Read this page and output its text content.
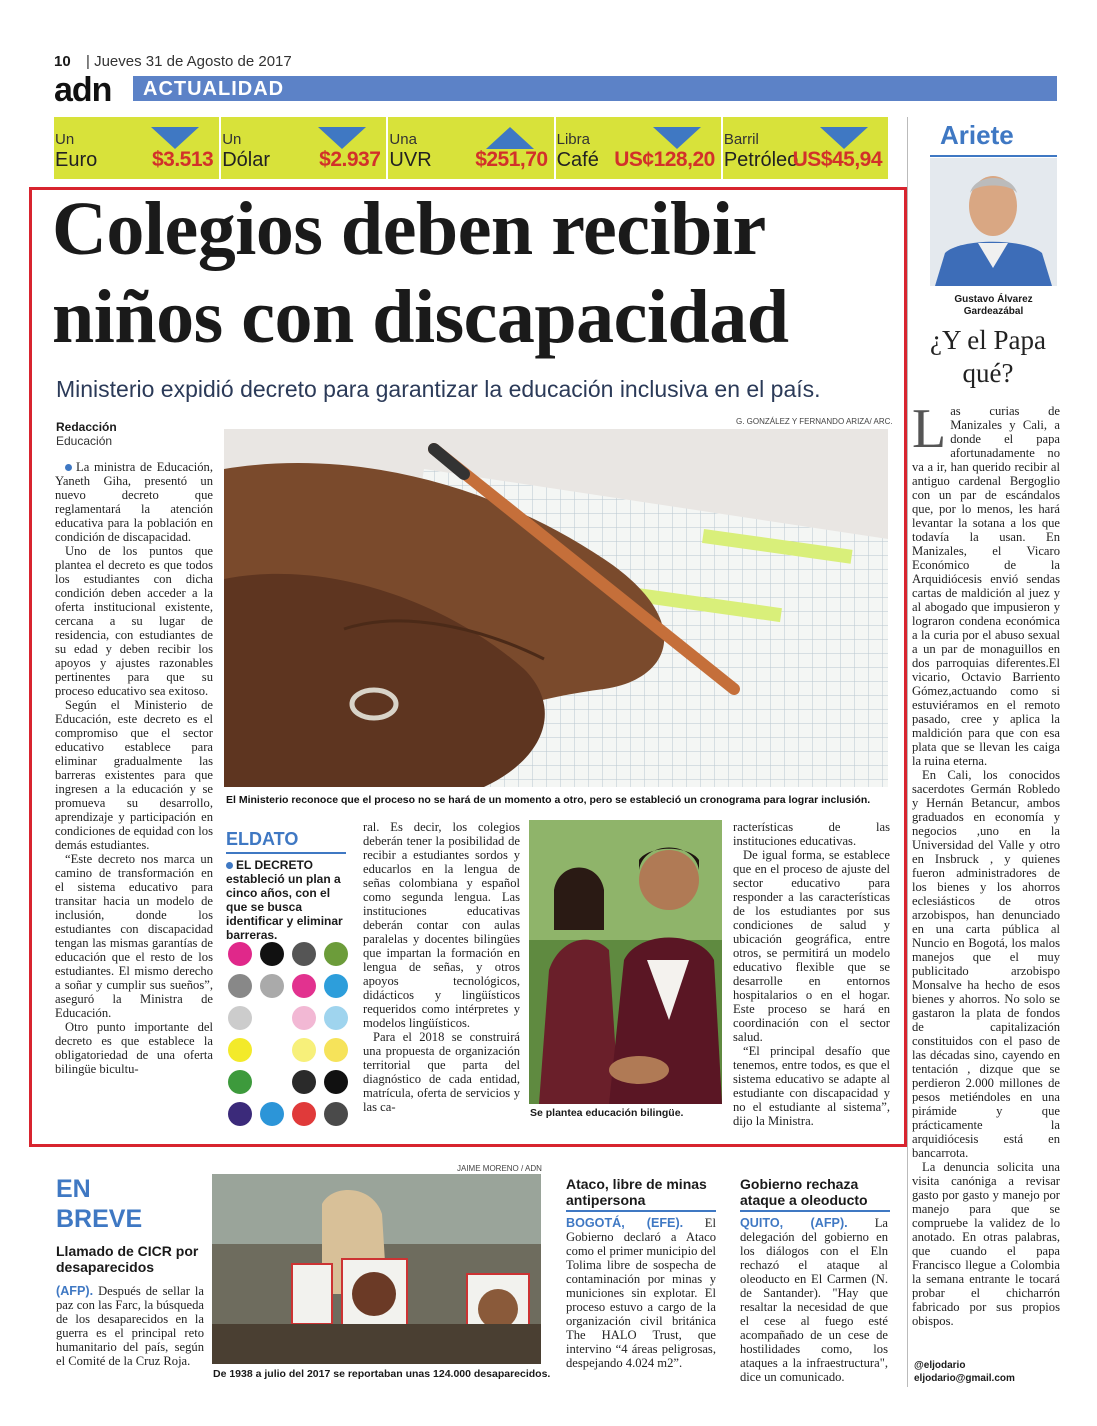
10 | Jueves 31 de Agosto de 2017
adn ACTUALIDAD
Un
Euro	$3.513
Un
Dólar $2.937
Una
UVR $251,70
Libra
Café US¢128,20
Barril
Petróleo
US$45,94
Colegios deben recibir niños con discapacidad
Ministerio expidió decreto para garantizar la educación inclusiva en el país.
Redacción
Educación
G. GONZÁLEZ Y FERNANDO ARIZA/ ARC.

La ministra de Educación, Yaneth Giha, presentó un nuevo decreto que reglamentará la atención educativa para la población en condición de discapacidad.

Uno de los puntos que plantea el decreto es que todos los estudiantes con dicha condición deben acceder a la oferta institucional existente, cercana a su lugar de residencia, con estudiantes de su edad y deben recibir los apoyos y ajustes razonables pertinentes para que su proceso educativo sea exitoso.

Según el Ministerio de Educación, este decreto es el compromiso que el sector educativo establece para eliminar gradualmente las barreras existentes para que ingresen a la educación y se promueva su desarrollo, aprendizaje y participación en condiciones de equidad con los demás estudiantes.

“Este decreto nos marca un camino de transformación en el sistema educativo para transitar hacia un modelo de inclusión, donde los estudiantes con discapacidad tengan las mismas garantías de educación que el resto de los estudiantes. El mismo derecho a soñar y cumplir sus sueños”, aseguró la Ministra de Educación.

Otro punto importante del decreto es que establece la obligatoriedad de una oferta bilingüe bicultu-

El Ministerio reconoce que el proceso no se hará de un momento a otro, pero se estableció un cronograma para lograr inclusión.
ELDATO
EL DECRETO estableció un plan a cinco años, con el que se busca identificar y eliminar barreras.

ral. Es decir, los colegios deberán tener la posibilidad de recibir a estudiantes sordos y educarlos en la lengua de señas colombiana y español como segunda lengua. Las instituciones educativas deberán contar con aulas paralelas y docentes bilingües que impartan la formación en lengua de señas, y otros apoyos tecnológicos, didácticos y lingüísticos requeridos como intérpretes y modelos lingüísticos.

Para el 2018 se construirá una propuesta de organización territorial que parta del diagnóstico de cada entidad, matrícula, oferta de servicios y las ca-	Se plantea educación bilingüe.

racterísticas de las instituciones educativas.

De igual forma, se establece que en el proceso de ajuste del sector educativo para responder a las características de los estudiantes por sus condiciones de salud y ubicación geográfica, entre otros, se permitirá un modelo educativo flexible que se desarrolle en entornos hospitalarios o en el hogar. Este proceso se hará en coordinación con el sector salud.

“El principal desafío que tenemos, entre todos, es que el sistema educativo se adapte al estudiante con discapacidad y no el estudiante al sistema”, dijo la Ministra.

EN
BREVE
Llamado de CICR por desaparecidos
(AFP). Después de sellar la paz con las Farc, la búsqueda de los desaparecidos en la guerra es el principal reto humanitario del país, según el Comité de la Cruz Roja.
JAIME MORENO / ADN
De 1938 a julio del 2017 se reportaban unas 124.000 desaparecidos.
Ataco, libre de minas antipersona
BOGOTÁ, (EFE). El Gobierno declaró a Ataco como el primer municipio del Tolima libre de sospecha de contaminación por minas y municiones sin explotar. El proceso estuvo a cargo de la organización civil británica The HALO Trust, que intervino “4 áreas peligrosas, despejando 4.024 m2”.
Gobierno rechaza ataque a oleoducto
QUITO, (AFP). La delegación del gobierno en los diálogos con el Eln rechazó el ataque al oleoducto en El Carmen (N. de Santander). "Hay que resaltar la necesidad de que el cese al fuego esté acompañado de un cese de hostilidades como, los ataques a la infraestructura", dice un comunicado.
Ariete
Gustavo Álvarez Gardeazábal
¿Y el Papa qué?

Las curias de Manizales y Cali, a donde el papa afortunadamente no va a ir, han querido recibir al antiguo cardenal Bergoglio con un par de escándalos que, por lo menos, les hará levantar la sotana a los que todavía la usan. En Manizales, el Vicaro Económico de la Arquidiócesis envió sendas cartas de maldición al juez y al abogado que impusieron y lograron condena económica a la curia por el abuso sexual a un par de monaguillos en dos parroquias diferentes.El vicario, Octavio Barriento Gómez,actuando como si estuviéramos en el remoto pasado, cree y aplica la maldición para que con esa plata que se llevan les caiga la ruina eterna.

En Cali, los conocidos sacerdotes Germán Robledo y Hernán Betancur, ambos graduados en economía y negocios ,uno en la Universidad del Valle y otro en Insbruck , y quienes fueron administradores de los bienes y los ahorros eclesiásticos de otros arzobispos, han denunciado en una carta pública al Nuncio en Bogotá, los malos manejos que el muy publicitado arzobispo Monsalve ha hecho de esos bienes y ahorros. No solo se gastaron la plata de fondos de capitalización constituidos con el paso de las décadas sino, cayendo en tentación , dizque que se perdieron 2.000 millones de pesos metiéndoles en una pirámide y que prácticamente la arquidiócesis está en bancarrota.

La denuncia solicita una visita canóniga a revisar gasto por gasto y manejo por manejo para que se compruebe la validez de lo anotado. En otras palabras, que cuando el papa Francisco llegue a Colombia la semana entrante le tocará probar el chicharrón fabricado por sus propios obispos.

@eljodario
eljodario@gmail.com
